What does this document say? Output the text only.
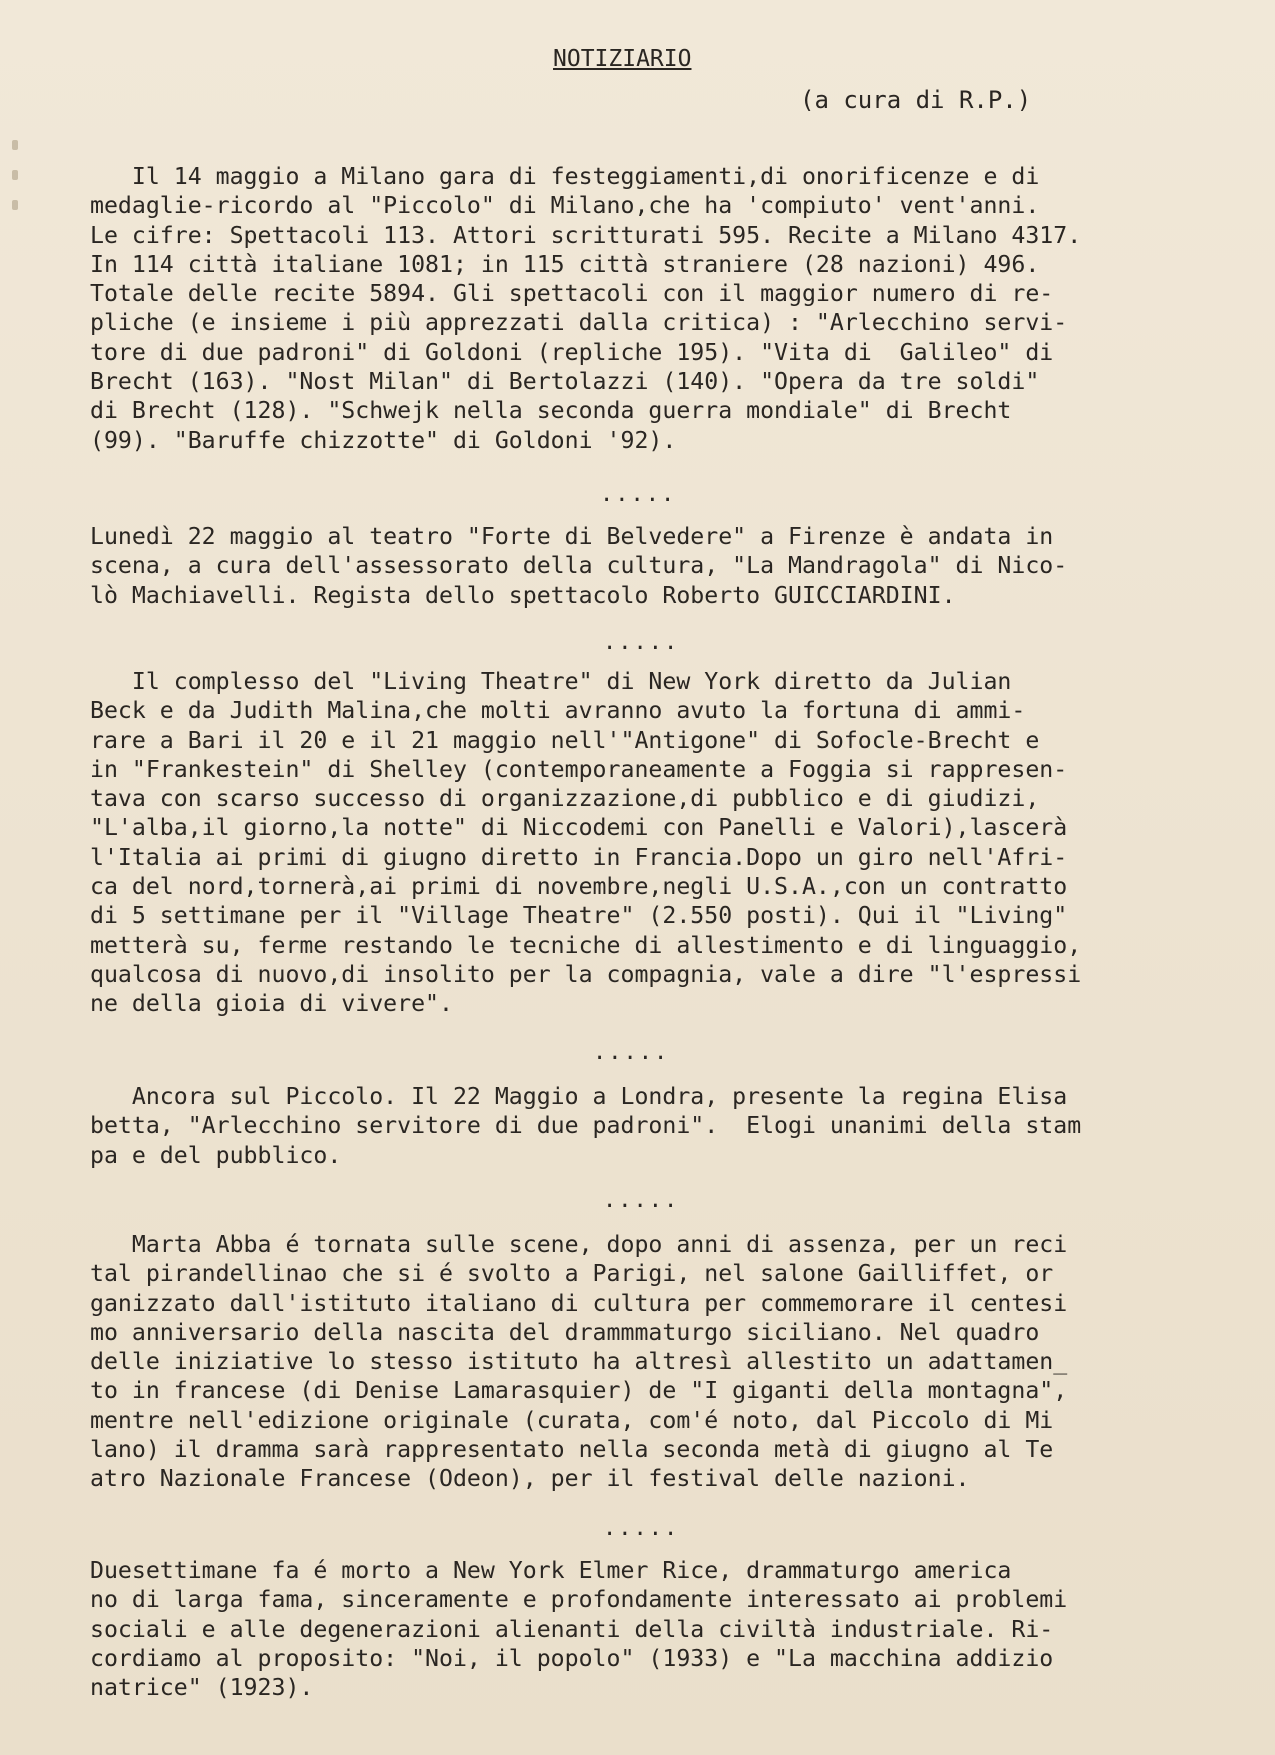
NOTIZIARIO
(a cura di R.P.)
Il 14 maggio a Milano gara di festeggiamenti,di onorificenze e di
medaglie-ricordo al "Piccolo" di Milano,che ha 'compiuto' vent'anni.
Le cifre: Spettacoli 113. Attori scritturati 595. Recite a Milano 4317.
In 114 città italiane 1081; in 115 città straniere (28 nazioni) 496.
Totale delle recite 5894. Gli spettacoli con il maggior numero di re-
pliche (e insieme i più apprezzati dalla critica) : "Arlecchino servi-
tore di due padroni" di Goldoni (repliche 195). "Vita di  Galileo" di
Brecht (163). "Nost Milan" di Bertolazzi (140). "Opera da tre soldi"
di Brecht (128). "Schwejk nella seconda guerra mondiale" di Brecht
(99). "Baruffe chizzotte" di Goldoni '92).
.....
Lunedì 22 maggio al teatro "Forte di Belvedere" a Firenze è andata in
scena, a cura dell'assessorato della cultura, "La Mandragola" di Nico-
lò Machiavelli. Regista dello spettacolo Roberto GUICCIARDINI.
.....
Il complesso del "Living Theatre" di New York diretto da Julian
Beck e da Judith Malina,che molti avranno avuto la fortuna di ammi-
rare a Bari il 20 e il 21 maggio nell'"Antigone" di Sofocle-Brecht e
in "Frankestein" di Shelley (contemporaneamente a Foggia si rappresen-
tava con scarso successo di organizzazione,di pubblico e di giudizi,
"L'alba,il giorno,la notte" di Niccodemi con Panelli e Valori),lascerà
l'Italia ai primi di giugno diretto in Francia.Dopo un giro nell'Afri-
ca del nord,tornerà,ai primi di novembre,negli U.S.A.,con un contratto
di 5 settimane per il "Village Theatre" (2.550 posti). Qui il "Living"
metterà su, ferme restando le tecniche di allestimento e di linguaggio,
qualcosa di nuovo,di insolito per la compagnia, vale a dire "l'espressi
ne della gioia di vivere".
.....
Ancora sul Piccolo. Il 22 Maggio a Londra, presente la regina Elisa
betta, "Arlecchino servitore di due padroni".  Elogi unanimi della stam
pa e del pubblico.
.....
Marta Abba é tornata sulle scene, dopo anni di assenza, per un reci
tal pirandellinao che si é svolto a Parigi, nel salone Gailliffet, or
ganizzato dall'istituto italiano di cultura per commemorare il centesi
mo anniversario della nascita del drammmaturgo siciliano. Nel quadro
delle iniziative lo stesso istituto ha altresì allestito un adattamen_
to in francese (di Denise Lamarasquier) de "I giganti della montagna",
mentre nell'edizione originale (curata, com'é noto, dal Piccolo di Mi
lano) il dramma sarà rappresentato nella seconda metà di giugno al Te
atro Nazionale Francese (Odeon), per il festival delle nazioni.
.....
Duesettimane fa é morto a New York Elmer Rice, drammaturgo america
no di larga fama, sinceramente e profondamente interessato ai problemi
sociali e alle degenerazioni alienanti della civiltà industriale. Ri-
cordiamo al proposito: "Noi, il popolo" (1933) e "La macchina addizio
natrice" (1923).
